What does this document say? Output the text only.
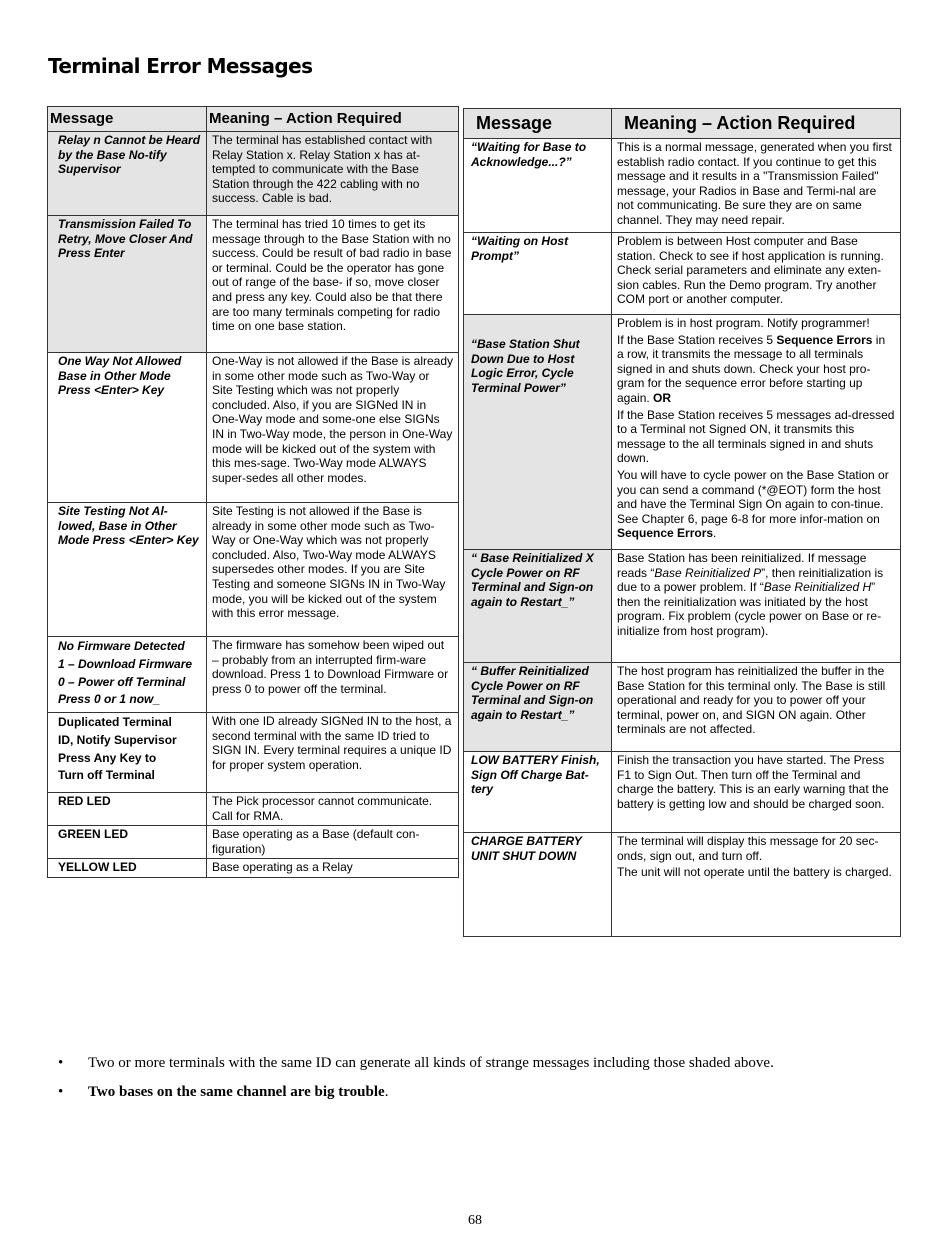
Terminal Error Messages
Message	Meaning – Action Required
Relay n Cannot be Heard by the Base No-tify Supervisor	The terminal has established contact with Relay Station x. Relay Station x has at-tempted to communicate with the Base Station through the 422 cabling with no success. Cable is bad.

Transmission Failed To Retry, Move Closer And Press Enter	The terminal has tried 10 times to get its message through to the Base Station with no success. Could be result of bad radio in base or terminal. Could be the operator has gone out of range of the base- if so, move closer and press any key. Could also be that there are too many terminals competing for radio time on one base station.

One Way Not Allowed Base in Other Mode Press <Enter> Key	One-Way is not allowed if the Base is already in some other mode such as Two-Way or Site Testing which was not properly concluded. Also, if you are SIGNed IN in One-Way mode and some-one else SIGNs IN in Two-Way mode, the person in One-Way mode will be kicked out of the system with this mes-sage. Two-Way mode ALWAYS super-sedes all other modes.

Site Testing Not Al-lowed, Base in Other Mode Press <Enter> Key	Site Testing is not allowed if the Base is already in some other mode such as Two-Way or One-Way which was not properly concluded. Also, Two-Way mode ALWAYS supersedes other modes. If you are Site Testing and someone SIGNs IN in Two-Way mode, you will be kicked out of the system with this error message.

No Firmware Detected
1 – Download Firmware
0 – Power off Terminal
Press 0 or 1 now_	The firmware has somehow been wiped out – probably from an interrupted firm-ware download. Press 1 to Download Firmware or press 0 to power off the terminal.

Duplicated Terminal
ID, Notify Supervisor
Press Any Key to
Turn off Terminal	With one ID already SIGNed IN to the host, a second terminal with the same ID tried to SIGN IN. Every terminal requires a unique ID for proper system operation.

RED LED	The Pick processor cannot communicate. Call for RMA.

GREEN LED	Base operating as a Base (default con-figuration)

YELLOW LED	Base operating as a Relay

Message	Meaning – Action Required
“Waiting for Base to Acknowledge...?”	This is a normal message, generated when you first establish radio contact. If you continue to get this message and it results in a "Transmission Failed" message, your Radios in Base and Termi-nal are not communicating. Be sure they are on same channel. They may need repair.

“Waiting on Host Prompt”	Problem is between Host computer and Base station. Check to see if host application is running. Check serial parameters and eliminate any exten-sion cables. Run the Demo program. Try another COM port or another computer.

“Base Station Shut Down Due to Host Logic Error, Cycle Terminal Power”	Problem is in host program. Notify programmer!

If the Base Station receives 5 Sequence Errors in a row, it transmits the message to all terminals signed in and shuts down. Check your host pro-gram for the sequence error before starting up again. OR

If the Base Station receives 5 messages ad-dressed to a Terminal not Signed ON, it transmits this message to the all terminals signed in and shuts down.

You will have to cycle power on the Base Station or you can send a command (*@EOT) form the host and have the Terminal Sign On again to con-tinue. See Chapter 6, page 6-8 for more infor-mation on Sequence Errors.

“ Base Reinitialized X Cycle Power on RF Terminal and Sign-on again to Restart_”	Base Station has been reinitialized. If message reads “Base Reinitialized P”, then reinitialization is due to a power problem. If “Base Reinitialized H” then the reinitialization was initiated by the host program. Fix problem (cycle power on Base or re-initialize from host program).

“ Buffer Reinitialized Cycle Power on RF Terminal and Sign-on again to Restart_”	The host program has reinitialized the buffer in the Base Station for this terminal only. The Base is still operational and ready for you to power off your terminal, power on, and SIGN ON again. Other terminals are not affected.

LOW BATTERY Finish, Sign Off Charge Bat-tery	Finish the transaction you have started. The Press F1 to Sign Out. Then turn off the Terminal and charge the battery. This is an early warning that the battery is getting low and should be charged soon.

CHARGE BATTERY UNIT SHUT DOWN	The terminal will display this message for 20 sec-onds, sign out, and turn off.

The unit will not operate until the battery is charged.

•	Two or more terminals with the same ID can generate all kinds of strange messages including those shaded above.
•	Two bases on the same channel are big trouble.
68
